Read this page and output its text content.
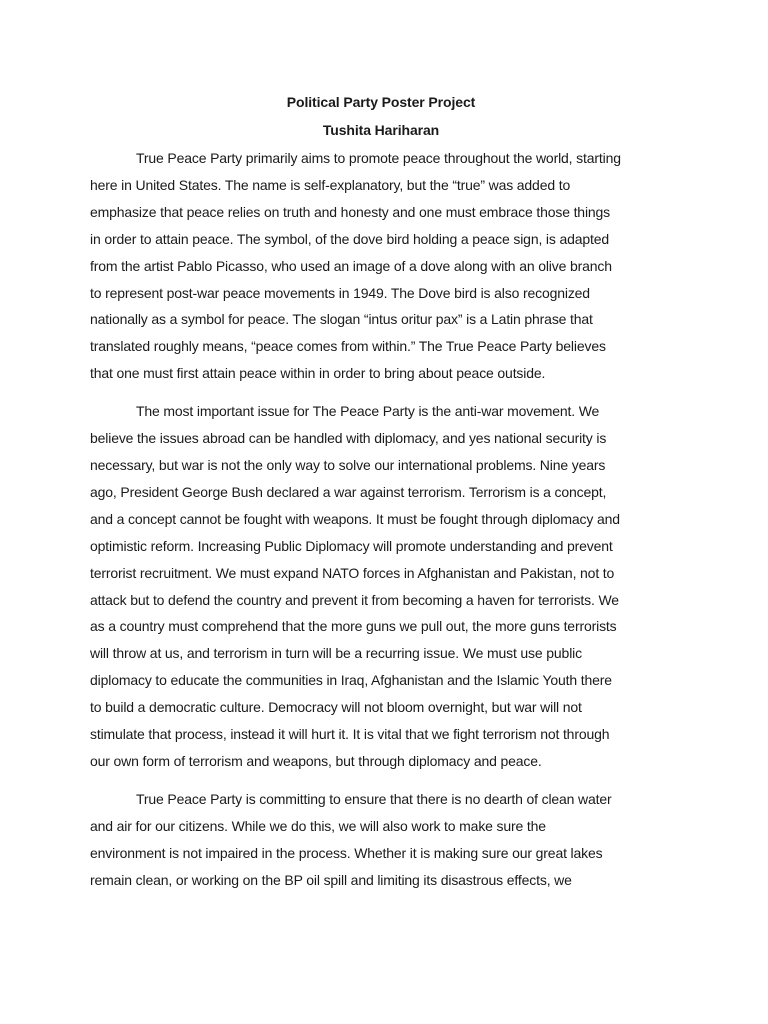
Political Party Poster Project
Tushita Hariharan

True Peace Party primarily aims to promote peace throughout the world, starting
here in United States. The name is self-explanatory, but the “true” was added to
emphasize that peace relies on truth and honesty and one must embrace those things
in order to attain peace. The symbol, of the dove bird holding a peace sign, is adapted
from the artist Pablo Picasso, who used an image of a dove along with an olive branch
to represent post-war peace movements in 1949. The Dove bird is also recognized
nationally as a symbol for peace. The slogan “intus oritur pax” is a Latin phrase that
translated roughly means, “peace comes from within.” The True Peace Party believes
that one must first attain peace within in order to bring about peace outside.

The most important issue for The Peace Party is the anti-war movement. We
believe the issues abroad can be handled with diplomacy, and yes national security is
necessary, but war is not the only way to solve our international problems. Nine years
ago, President George Bush declared a war against terrorism. Terrorism is a concept,
and a concept cannot be fought with weapons. It must be fought through diplomacy and
optimistic reform. Increasing Public Diplomacy will promote understanding and prevent
terrorist recruitment. We must expand NATO forces in Afghanistan and Pakistan, not to
attack but to defend the country and prevent it from becoming a haven for terrorists. We
as a country must comprehend that the more guns we pull out, the more guns terrorists
will throw at us, and terrorism in turn will be a recurring issue. We must use public
diplomacy to educate the communities in Iraq, Afghanistan and the Islamic Youth there
to build a democratic culture. Democracy will not bloom overnight, but war will not
stimulate that process, instead it will hurt it. It is vital that we fight terrorism not through
our own form of terrorism and weapons, but through diplomacy and peace.

True Peace Party is committing to ensure that there is no dearth of clean water
and air for our citizens. While we do this, we will also work to make sure the
environment is not impaired in the process. Whether it is making sure our great lakes
remain clean, or working on the BP oil spill and limiting its disastrous effects, we
